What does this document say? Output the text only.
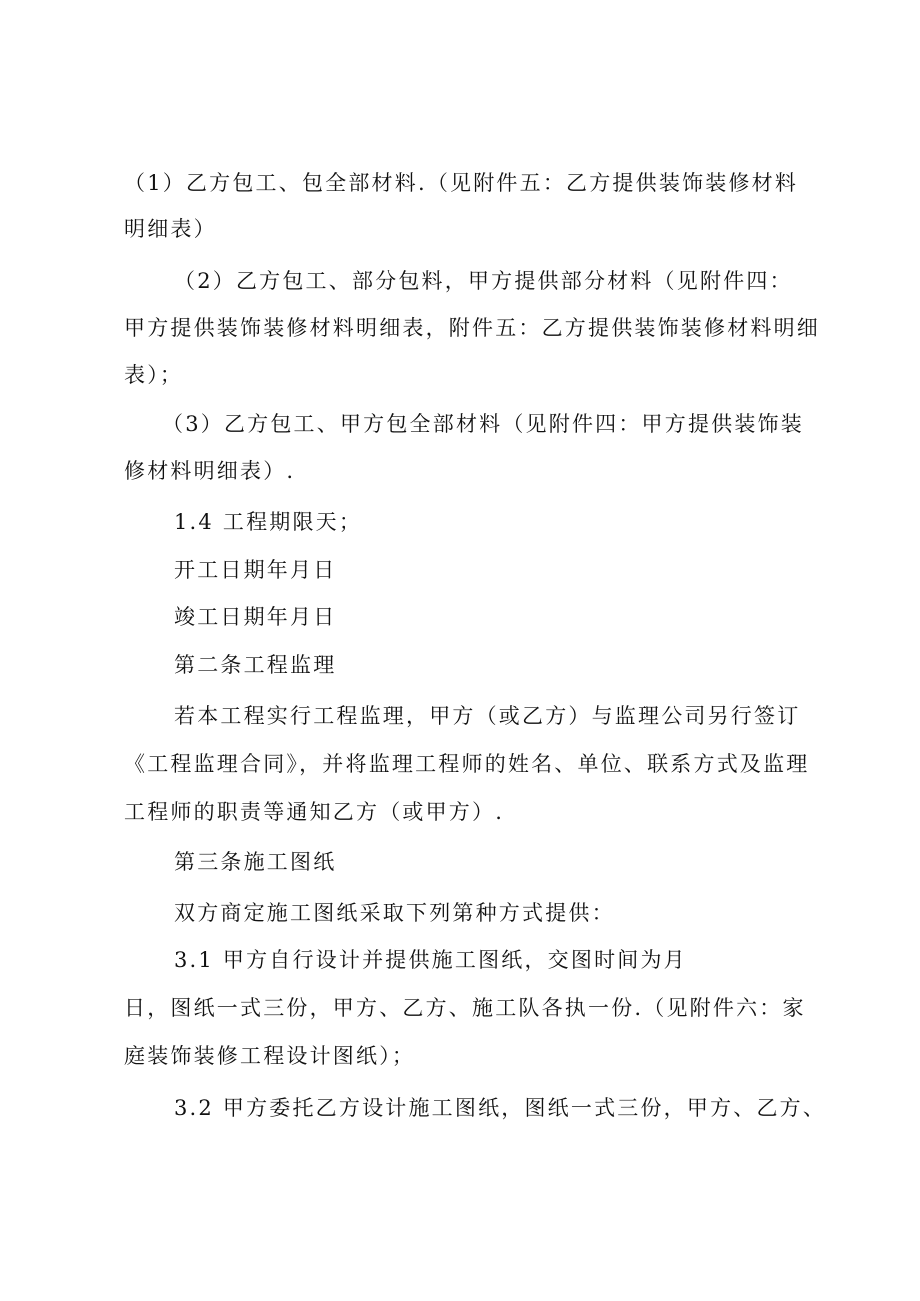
（1）乙方包工、包全部材料.（见附件五：乙方提供装饰装修材料
明细表）
（2）乙方包工、部分包料，甲方提供部分材料（见附件四：
甲方提供装饰装修材料明细表，附件五：乙方提供装饰装修材料明细
表）；
（3）乙方包工、甲方包全部材料（见附件四：甲方提供装饰装
修材料明细表）.
1.4 工程期限天；
开工日期年月日
竣工日期年月日
第二条工程监理
若本工程实行工程监理，甲方（或乙方）与监理公司另行签订
《工程监理合同》，并将监理工程师的姓名、单位、联系方式及监理
工程师的职责等通知乙方（或甲方）.
第三条施工图纸
双方商定施工图纸采取下列第种方式提供：
3.1 甲方自行设计并提供施工图纸，交图时间为月
日，图纸一式三份，甲方、乙方、施工队各执一份.（见附件六：家
庭装饰装修工程设计图纸）；
3.2 甲方委托乙方设计施工图纸，图纸一式三份，甲方、乙方、
